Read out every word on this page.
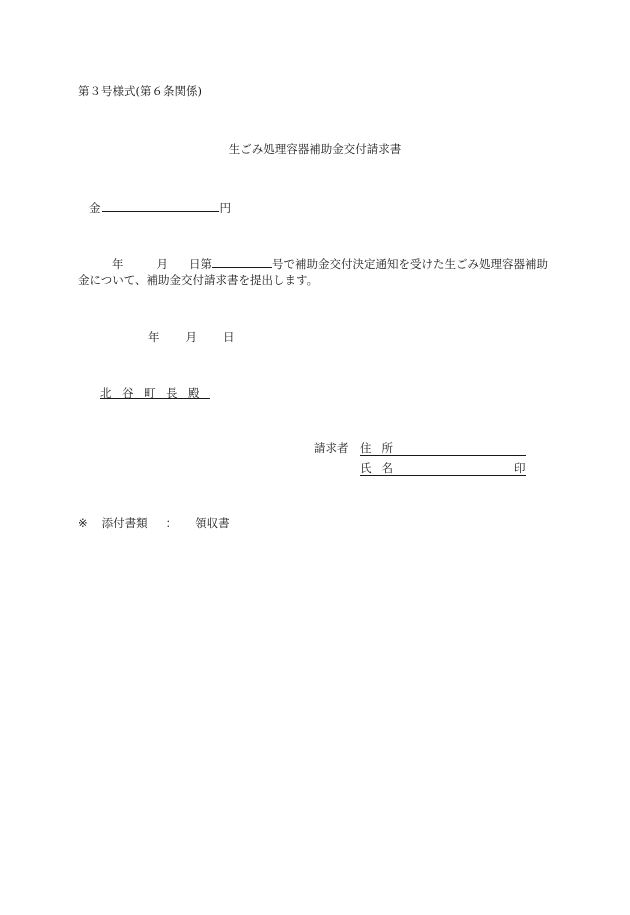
第３号様式(第６条関係)
生ごみ処理容器補助金交付請求書
金	円
年	月 日第	号で補助金交付決定通知を受けた生ごみ処理容器補助
金について、補助金交付請求書を提出します。
年 月 日
北谷町長殿
請求者 住所
氏名	印
※ 添付書類 ： 領収書
